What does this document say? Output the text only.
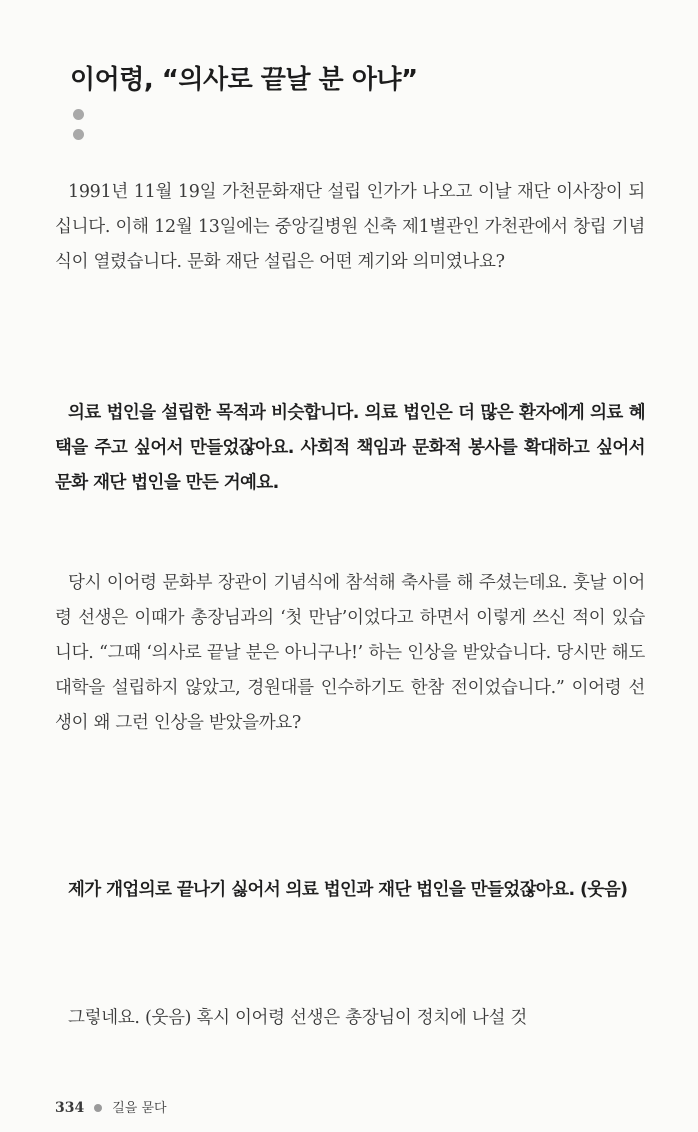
이어령, “의사로 끝날 분 아냐”

1991년 11월 19일 가천문화재단 설립 인가가 나오고 이날 재단 이사장이 되십니다. 이해 12월 13일에는 중앙길병원 신축 제1별관인 가천관에서 창립 기념식이 열렸습니다. 문화 재단 설립은 어떤 계기와 의미였나요?

의료 법인을 설립한 목적과 비슷합니다. 의료 법인은 더 많은 환자에게 의료 혜택을 주고 싶어서 만들었잖아요. 사회적 책임과 문화적 봉사를 확대하고 싶어서 문화 재단 법인을 만든 거예요.

당시 이어령 문화부 장관이 기념식에 참석해 축사를 해 주셨는데요. 훗날 이어령 선생은 이때가 총장님과의 ‘첫 만남’이었다고 하면서 이렇게 쓰신 적이 있습니다. “그때 ‘의사로 끝날 분은 아니구나!’ 하는 인상을 받았습니다. 당시만 해도 대학을 설립하지 않았고, 경원대를 인수하기도 한참 전이었습니다.” 이어령 선생이 왜 그런 인상을 받았을까요?

제가 개업의로 끝나기 싫어서 의료 법인과 재단 법인을 만들었잖아요. (웃음)

그렇네요. (웃음) 혹시 이어령 선생은 총장님이 정치에 나설 것

334 길을 묻다
